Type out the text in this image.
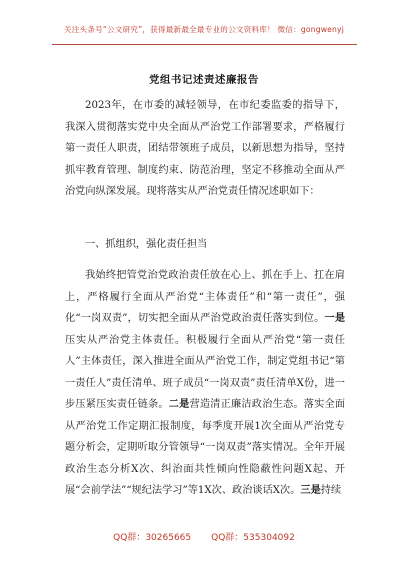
关注头条号“公文研究”，获得最新最全最专业的公文资料库！ 微信：gongwenyj
党组书记述责述廉报告

2023年，在市委的减轻领导，在市纪委监委的指导下，我深入贯彻落实党中央全面从严治党工作部署要求，严格履行第一责任人职责，团结带领班子成员，以新思想为指导，坚持抓牢教育管理、制度约束、防范治理，坚定不移推动全面从严治党向纵深发展。现将落实从严治党责任情况述职如下：

一、抓组织，强化责任担当

我始终把管党治党政治责任放在心上、抓在手上、扛在肩上，严格履行全面从严治党“主体责任”和“第一责任”，强化“一岗双责”，切实把全面从严治党政治责任落实到位。一是压实从严治党主体责任。积极履行全面从严治党“第一责任人”主体责任，深入推进全面从严治党工作，制定党组书记“第一责任人”责任清单、班子成员“一岗双责”责任清单X份，进一步压紧压实责任链条。二是营造清正廉洁政治生态。落实全面从严治党工作定期汇报制度，每季度开展1次全面从严治党专题分析会，定期听取分管领导“一岗双责”落实情况。全年开展政治生态分析X次、纠治面共性倾向性隐蔽性问题X起、开展“会前学法”“规纪法学习”等1X次、政治谈话X次。三是持续

QQ群：30265665 QQ群：535304092
